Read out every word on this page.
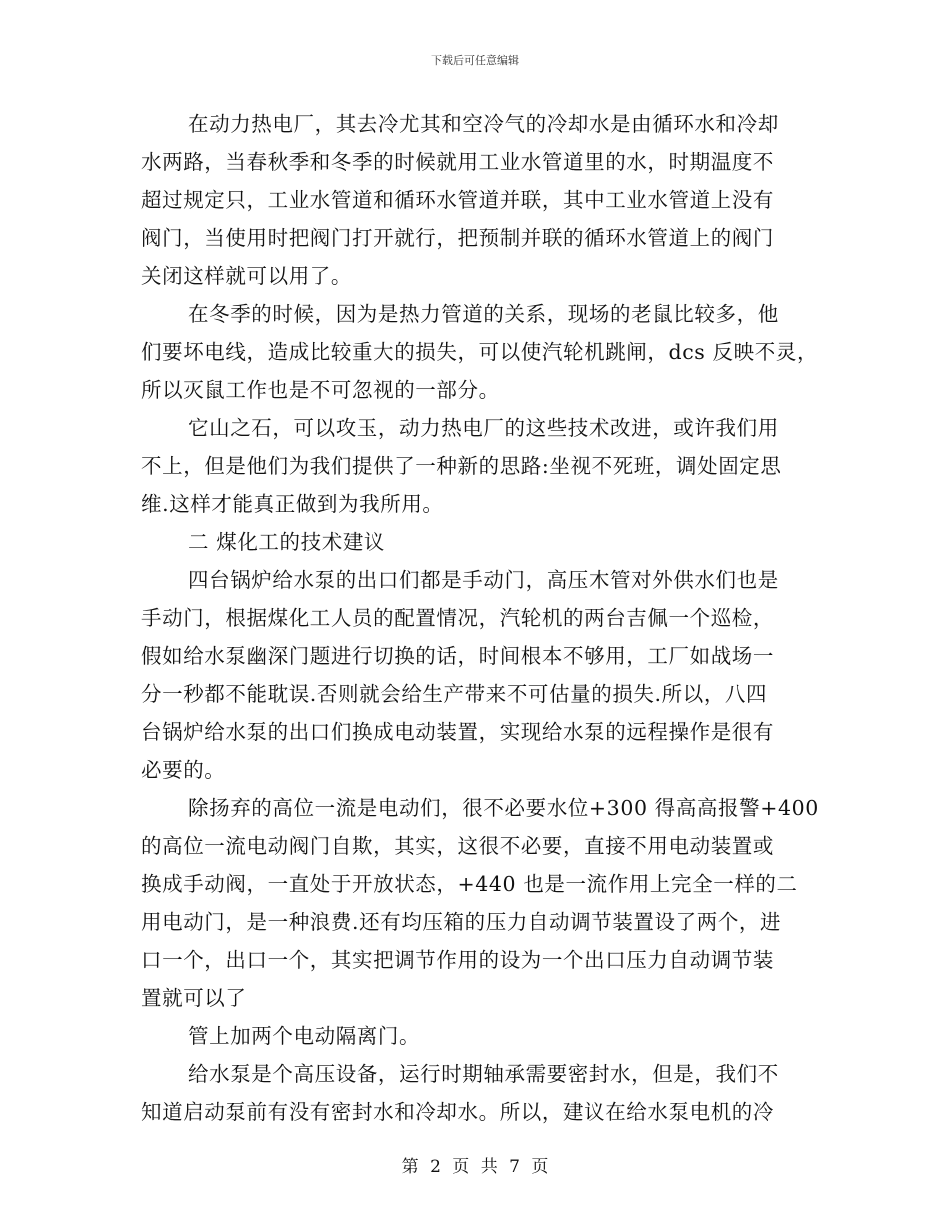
下载后可任意编辑
在动力热电厂，其去冷尤其和空冷气的冷却水是由循环水和冷却
水两路，当春秋季和冬季的时候就用工业水管道里的水，时期温度不
超过规定只，工业水管道和循环水管道并联，其中工业水管道上没有
阀门，当使用时把阀门打开就行，把预制并联的循环水管道上的阀门
关闭这样就可以用了。
在冬季的时候，因为是热力管道的关系，现场的老鼠比较多，他
们要坏电线，造成比较重大的损失，可以使汽轮机跳闸，dcs 反映不灵，
所以灭鼠工作也是不可忽视的一部分。
它山之石，可以攻玉，动力热电厂的这些技术改进，或许我们用
不上，但是他们为我们提供了一种新的思路:坐视不死班，调处固定思
维.这样才能真正做到为我所用。
二 煤化工的技术建议
四台锅炉给水泵的出口们都是手动门，高压木管对外供水们也是
手动门，根据煤化工人员的配置情况，汽轮机的两台吉佩一个巡检，
假如给水泵幽深门题进行切换的话，时间根本不够用，工厂如战场一
分一秒都不能耽误.否则就会给生产带来不可估量的损失.所以，八四
台锅炉给水泵的出口们换成电动装置，实现给水泵的远程操作是很有
必要的。
除扬弃的高位一流是电动们，很不必要水位+300 得高高报警+400
的高位一流电动阀门自欺，其实，这很不必要，直接不用电动装置或
换成手动阀，一直处于开放状态，+440 也是一流作用上完全一样的二
用电动门，是一种浪费.还有均压箱的压力自动调节装置设了两个，进
口一个，出口一个，其实把调节作用的设为一个出口压力自动调节装
置就可以了
管上加两个电动隔离门。
给水泵是个高压设备，运行时期轴承需要密封水，但是，我们不
知道启动泵前有没有密封水和冷却水。所以，建议在给水泵电机的冷
第 2 页 共 7 页
